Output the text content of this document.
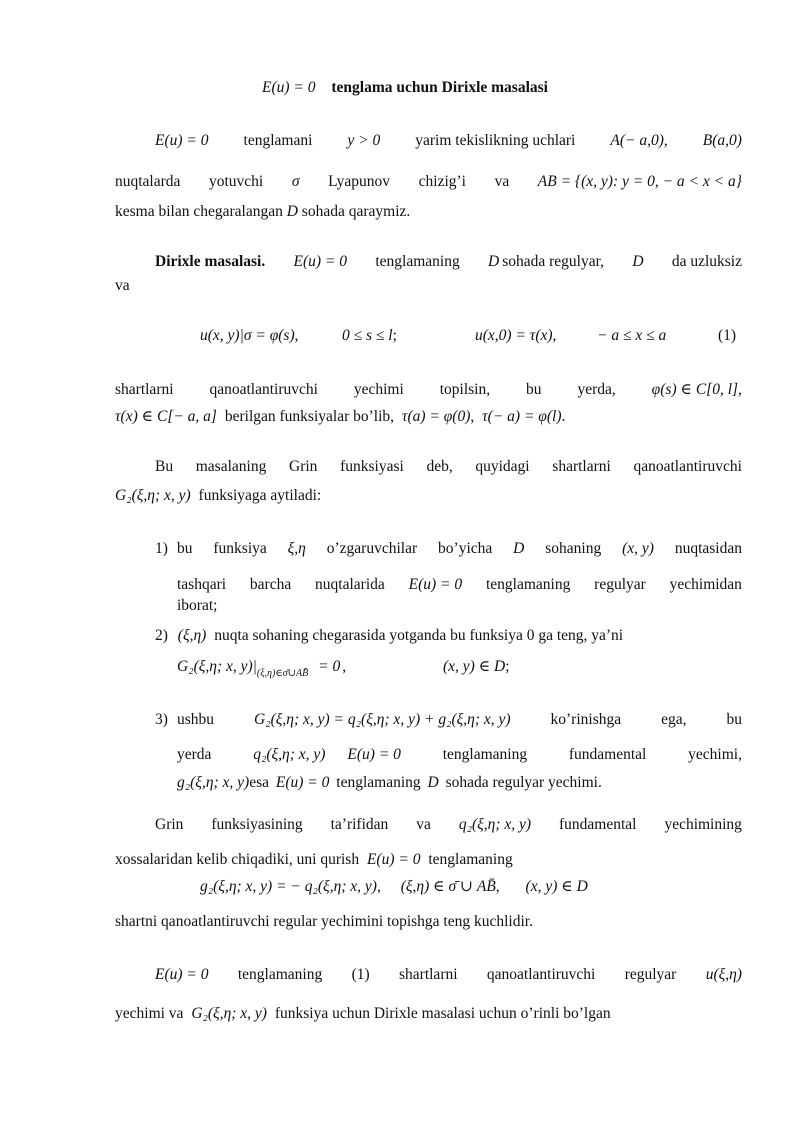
E(u) = 0 tenglama uchun Dirixle masalasi
E(u) = 0 tenglamani y > 0 yarim tekislikning uchlari A(− a,0), B(a,0)
nuqtalarda yotuvchi σ Lyapunov chizig’i va AB = {(x, y): y = 0, − a < x < a}
kesma bilan chegaralangan D sohada qaraymiz.
Dirixle masalasi. E(u) = 0 tenglamaning D sohada regulyar, D da uzluksiz
va
u(x, y)|σ = φ(s),	0 ≤ s ≤ l;	u(x,0) = τ(x),	− a ≤ x ≤ a	(1)
shartlarni qanoatlantiruvchi yechimi topilsin, bu yerda, φ(s) ∈ C[0, l],
τ(x) ∈ C[− a, a] berilgan funksiyalar bo’lib, τ(a) = φ(0), τ(− a) = φ(l).
Bu masalaning Grin funksiyasi deb, quyidagi shartlarni qanoatlantiruvchi
G₂(ξ,η; x, y) funksiyaga aytiladi:
1) bu funksiya ξ,η o’zgaruvchilar bo’yicha D sohaning (x, y) nuqtasidan
tashqari barcha nuqtalarida E(u) = 0 tenglamaning regulyar yechimidan
iborat;
2) (ξ,η) nuqta sohaning chegarasida yotganda bu funksiya 0 ga teng, ya’ni
G₂(ξ,η; x, $y)|_{(\xi,\eta)\in\sigmā\cup AB̄} = 0$ ,	(x, y) ∈ D;
3) ushbu	G₂(ξ,η; x, y) = q₂(ξ,η; x, y) + g₂(ξ,η; x, y)	ko’rinishga	ega,	bu
yerda	q₂(ξ,η; x, y) E(u) = 0	tenglamaning	fundamental	yechimi,
g₂(ξ,η; x, y)esa E(u) = 0 tenglamaning D sohada regulyar yechimi.
Grin funksiyasining ta’rifidan va q₂(ξ,η; x, y) fundamental yechimining
xossalaridan kelib chiqadiki, uni qurish E(u) = 0 tenglamaning
g₂(ξ,η; x, y) = − q₂(ξ,η; x, y), (ξ,η) ∈ σ̄ ∪ AB̄, (x, y) ∈ D
shartni qanoatlantiruvchi regular yechimini topishga teng kuchlidir.
E(u) = 0 tenglamaning (1) shartlarni qanoatlantiruvchi regulyar u(ξ,η)
yechimi va G₂(ξ,η; x, y) funksiya uchun Dirixle masalasi uchun o’rinli bo’lgan
